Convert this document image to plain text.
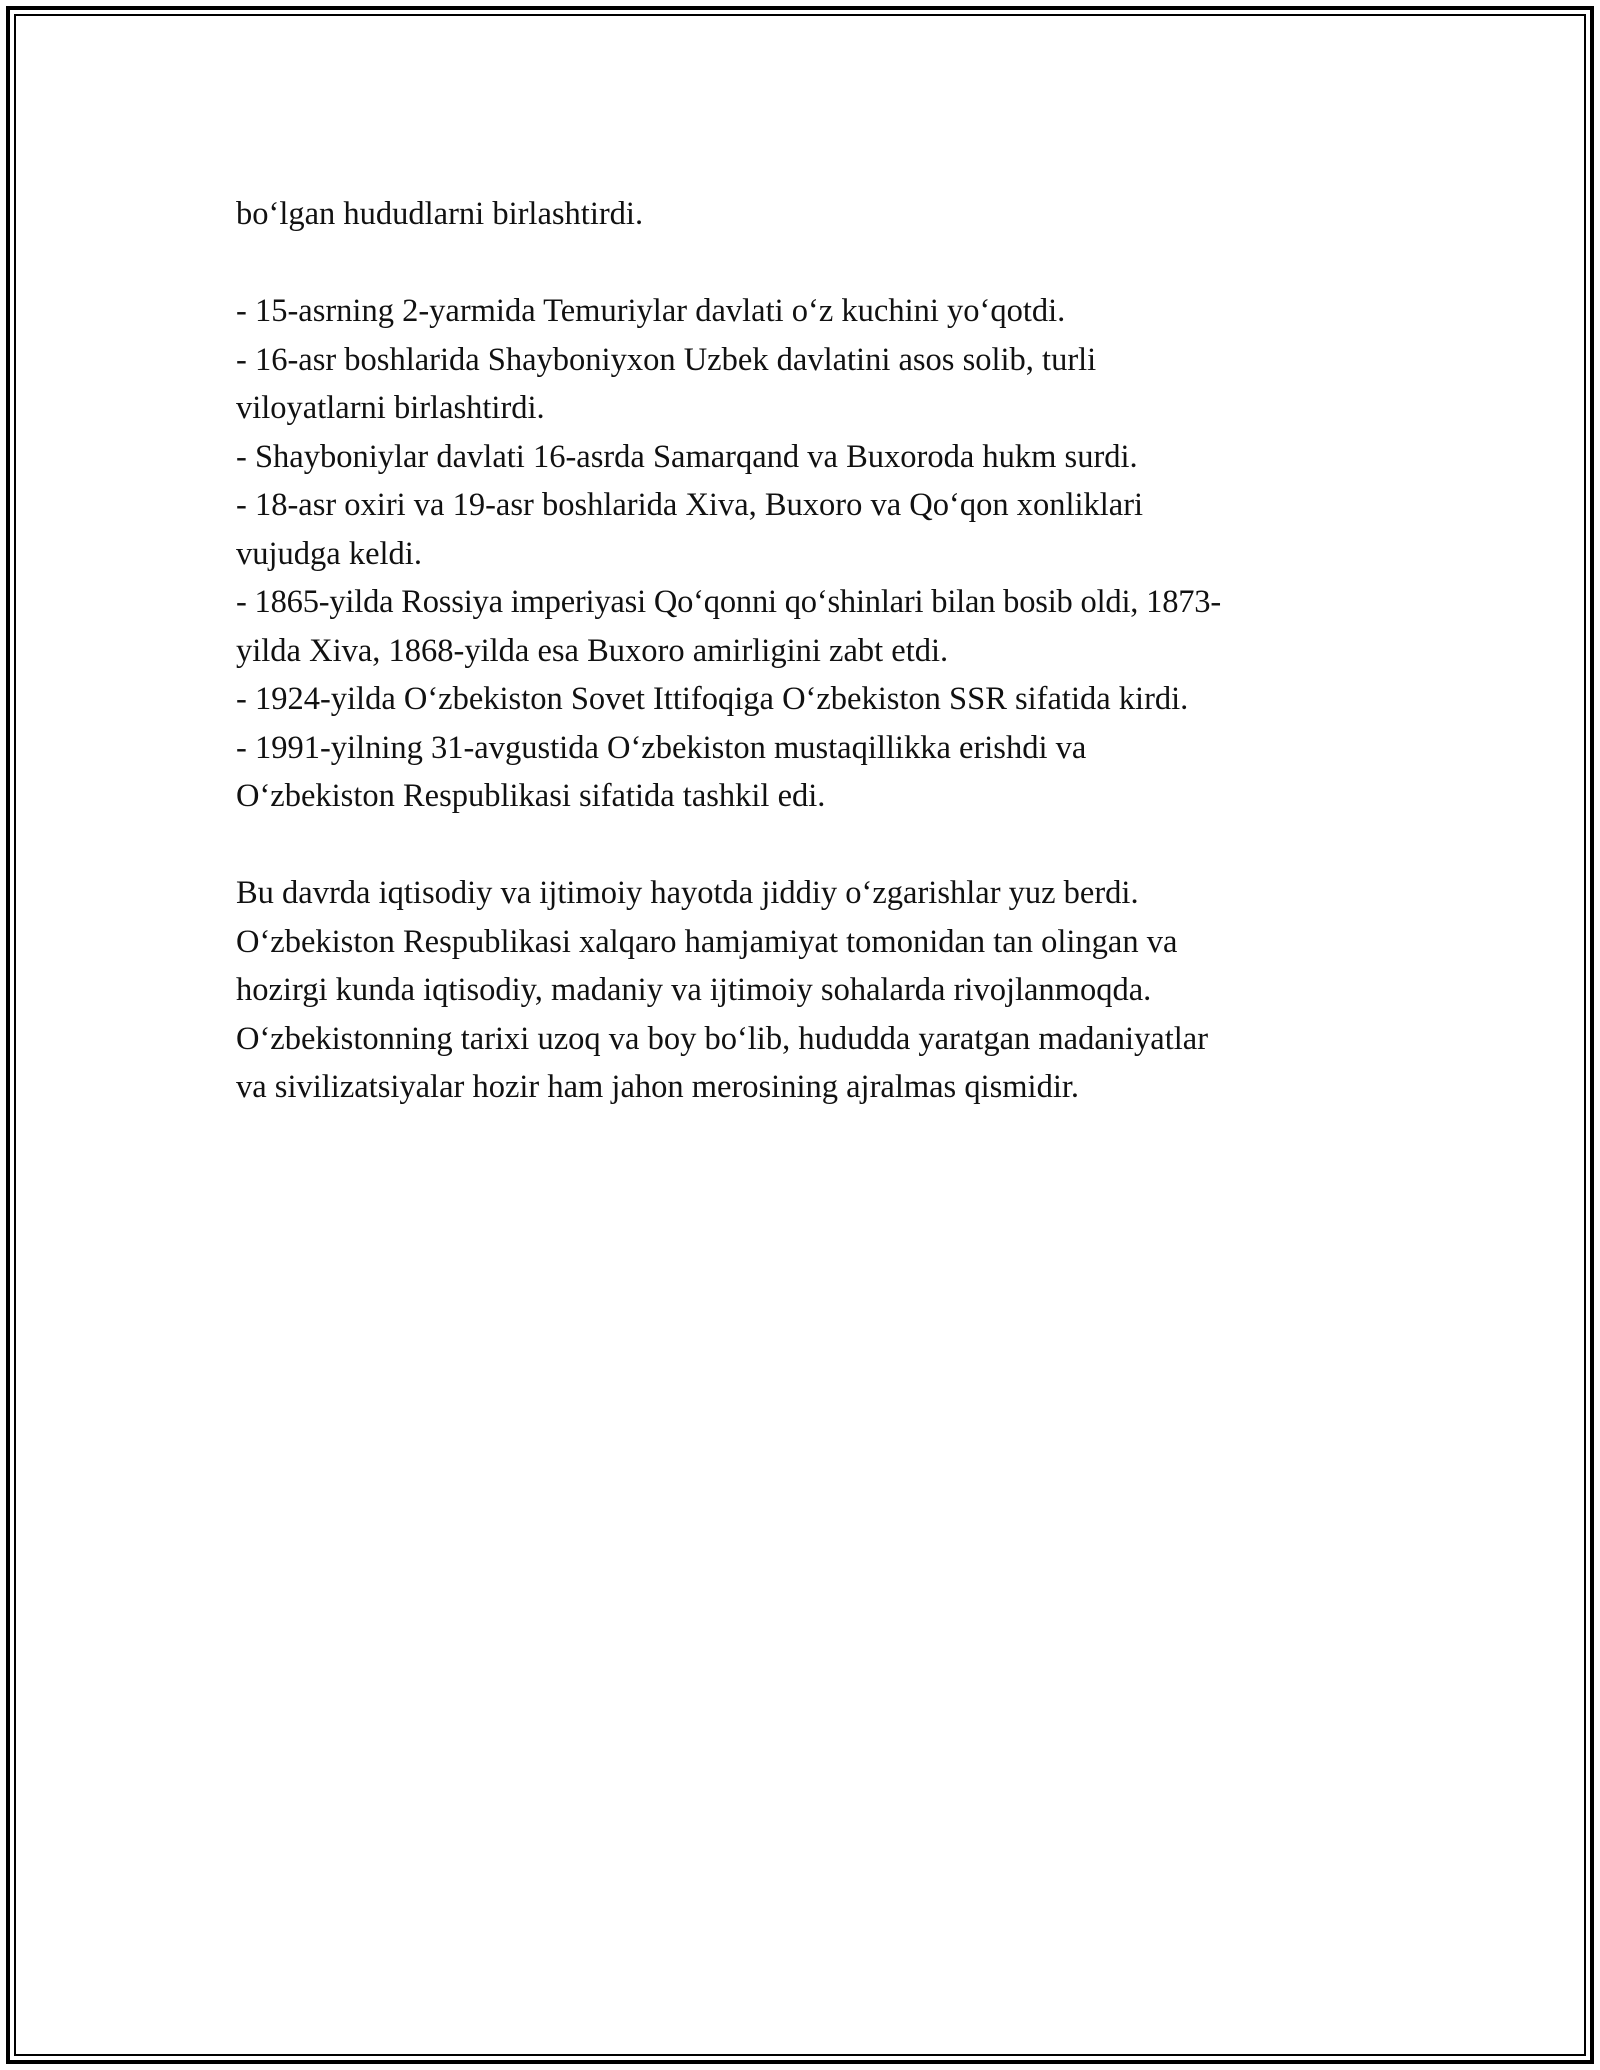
bo‘lgan hududlarni birlashtirdi.

- 15-asrning 2-yarmida Temuriylar davlati o‘z kuchini yo‘qotdi.

- 16-asr boshlarida Shayboniyxon Uzbek davlatini asos solib, turli

viloyatlarni birlashtirdi.

- Shayboniylar davlati 16-asrda Samarqand va Buxoroda hukm surdi.

- 18-asr oxiri va 19-asr boshlarida Xiva, Buxoro va Qo‘qon xonliklari

vujudga keldi.

- 1865-yilda Rossiya imperiyasi Qo‘qonni qo‘shinlari bilan bosib oldi, 1873-

yilda Xiva, 1868-yilda esa Buxoro amirligini zabt etdi.

- 1924-yilda O‘zbekiston Sovet Ittifoqiga O‘zbekiston SSR sifatida kirdi.

- 1991-yilning 31-avgustida O‘zbekiston mustaqillikka erishdi va

O‘zbekiston Respublikasi sifatida tashkil edi.

Bu davrda iqtisodiy va ijtimoiy hayotda jiddiy o‘zgarishlar yuz berdi.

O‘zbekiston Respublikasi xalqaro hamjamiyat tomonidan tan olingan va

hozirgi kunda iqtisodiy, madaniy va ijtimoiy sohalarda rivojlanmoqda.

O‘zbekistonning tarixi uzoq va boy bo‘lib, hududda yaratgan madaniyatlar

va sivilizatsiyalar hozir ham jahon merosining ajralmas qismidir.
